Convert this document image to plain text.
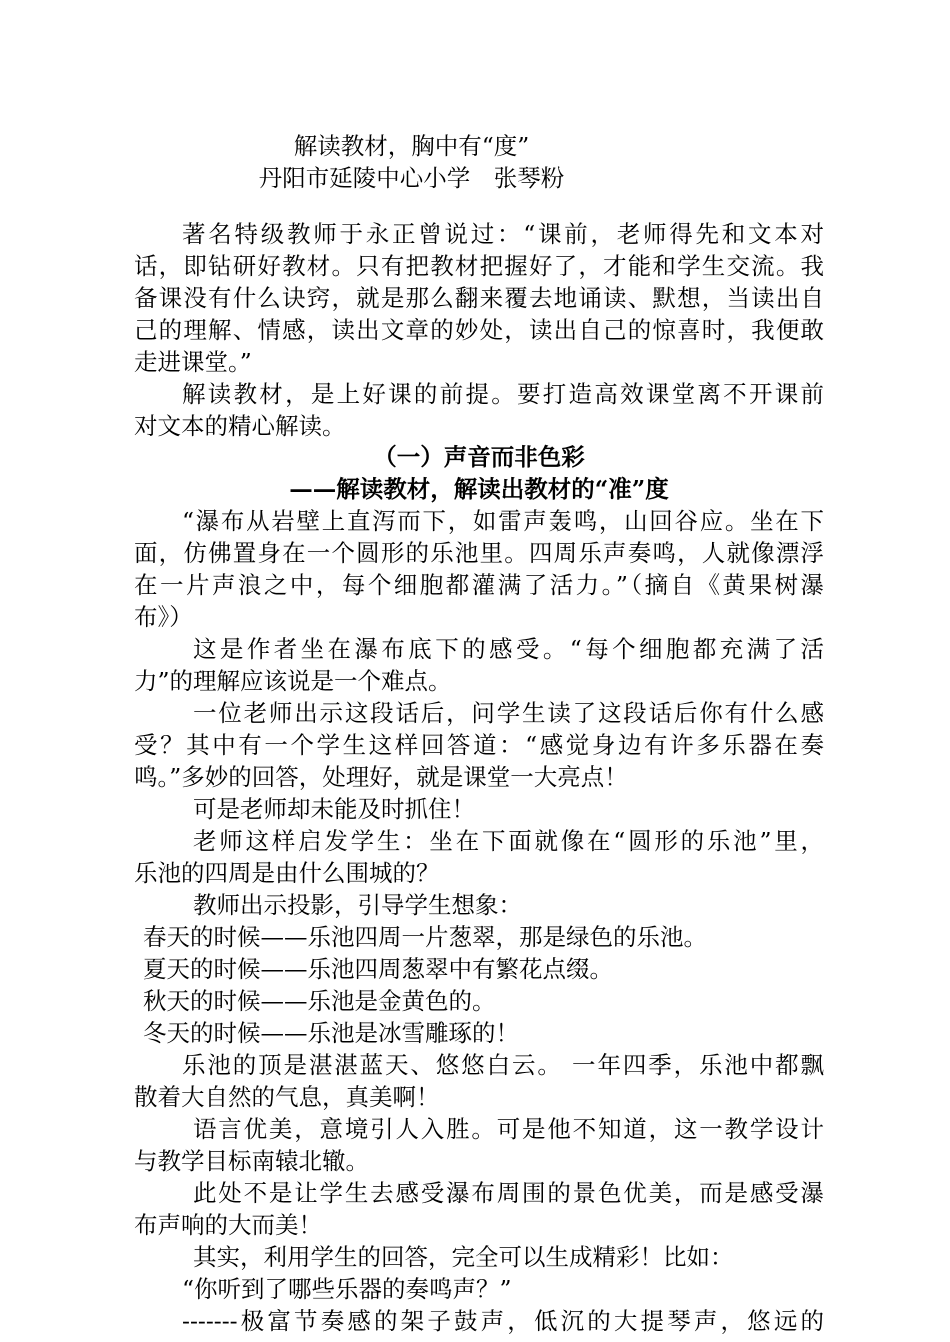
解读教材，胸中有“度”
丹阳市延陵中心小学　张琴粉
著名特级教师于永正曾说过：“课前，老师得先和文本对
话，即钻研好教材。只有把教材把握好了，才能和学生交流。我
备课没有什么诀窍，就是那么翻来覆去地诵读、默想，当读出自
己的理解、情感，读出文章的妙处，读出自己的惊喜时，我便敢
走进课堂。”
解读教材，是上好课的前提。要打造高效课堂离不开课前
对文本的精心解读。
（一）声音而非色彩
——解读教材，解读出教材的“准”度
“瀑布从岩壁上直泻而下，如雷声轰鸣，山回谷应。坐在下
面，仿佛置身在一个圆形的乐池里。四周乐声奏鸣，人就像漂浮
在一片声浪之中，每个细胞都灌满了活力。”（摘自《黄果树瀑
布》）
这是作者坐在瀑布底下的感受。“每个细胞都充满了活
力”的理解应该说是一个难点。
一位老师出示这段话后，问学生读了这段话后你有什么感
受？其中有一个学生这样回答道：“感觉身边有许多乐器在奏
鸣。”多妙的回答，处理好，就是课堂一大亮点！
可是老师却未能及时抓住！
老师这样启发学生：坐在下面就像在“圆形的乐池”里，
乐池的四周是由什么围城的？
教师出示投影，引导学生想象：
春天的时候——乐池四周一片葱翠，那是绿色的乐池。
夏天的时候——乐池四周葱翠中有繁花点缀。
秋天的时候——乐池是金黄色的。
冬天的时候——乐池是冰雪雕琢的！
乐池的顶是湛湛蓝天、悠悠白云。 一年四季，乐池中都飘
散着大自然的气息，真美啊！
语言优美，意境引人入胜。可是他不知道，这一教学设计
与教学目标南辕北辙。
此处不是让学生去感受瀑布周围的景色优美，而是感受瀑
布声响的大而美！
其实，利用学生的回答，完全可以生成精彩！比如：
“你听到了哪些乐器的奏鸣声？”
-------极富节奏感的架子鼓声，低沉的大提琴声，悠远的
